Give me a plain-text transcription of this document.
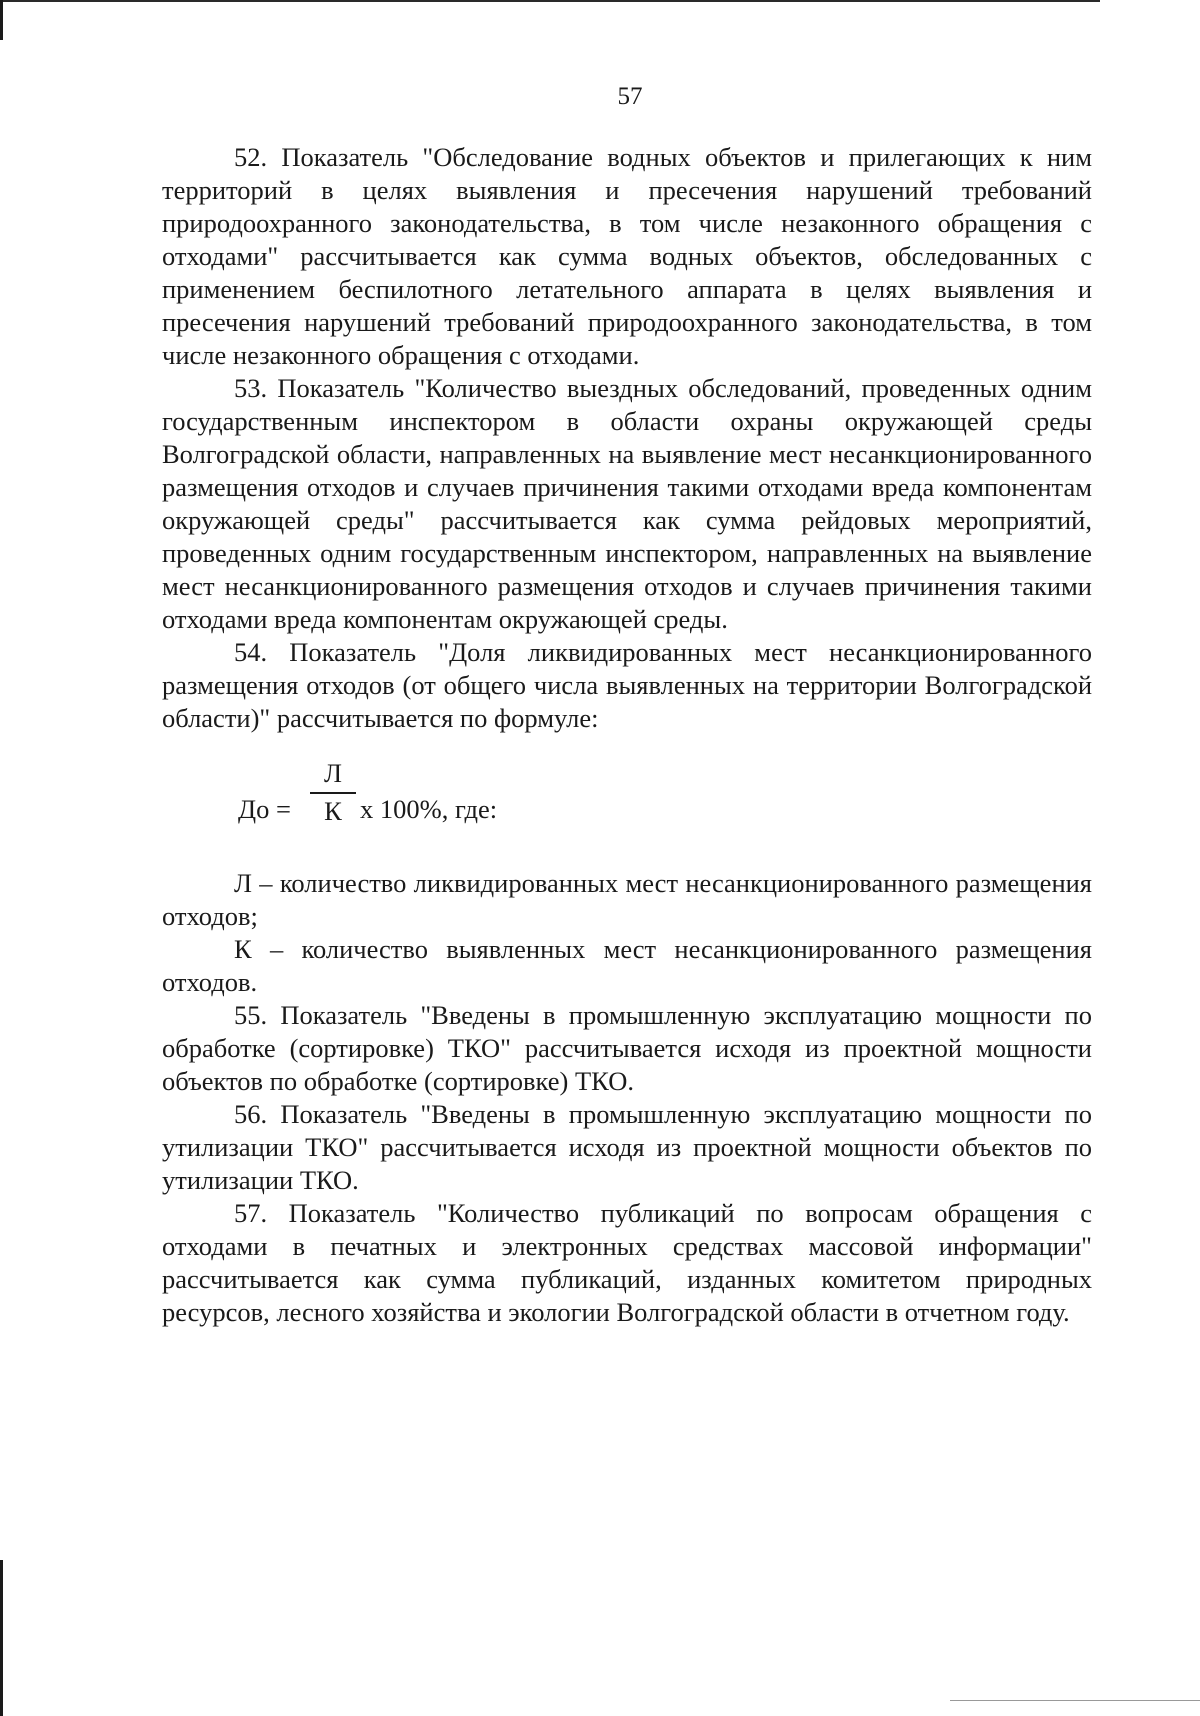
57

52. Показатель "Обследование водных объектов и прилегающих к ним территорий в целях выявления и пресечения нарушений требований природоохранного законодательства, в том числе незаконного обращения с отходами" рассчитывается как сумма водных объектов, обследованных с применением беспилотного летательного аппарата в целях выявления и пресечения нарушений требований природоохранного законодательства, в том числе незаконного обращения с отходами.

53. Показатель "Количество выездных обследований, проведенных одним государственным инспектором в области охраны окружающей среды Волгоградской области, направленных на выявление мест несанкционированного размещения отходов и случаев причинения такими отходами вреда компонентам окружающей среды" рассчитывается как сумма рейдовых мероприятий, проведенных одним государственным инспектором, направленных на выявление мест несанкционированного размещения отходов и случаев причинения такими отходами вреда компонентам окружающей среды.

54. Показатель "Доля ликвидированных мест несанкционированного размещения отходов (от общего числа выявленных на территории Волгоградской области)" рассчитывается по формуле:

До =
Л
К х 100%, где:

Л – количество ликвидированных мест несанкционированного размещения отходов;

К – количество выявленных мест несанкционированного размещения отходов.

55. Показатель "Введены в промышленную эксплуатацию мощности по обработке (сортировке) ТКО" рассчитывается исходя из проектной мощности объектов по обработке (сортировке) ТКО.

56. Показатель "Введены в промышленную эксплуатацию мощности по утилизации ТКО" рассчитывается исходя из проектной мощности объектов по утилизации ТКО.

57. Показатель "Количество публикаций по вопросам обращения с отходами в печатных и электронных средствах массовой информации" рассчитывается как сумма публикаций, изданных комитетом природных ресурсов, лесного хозяйства и экологии Волгоградской области в отчетном году.
